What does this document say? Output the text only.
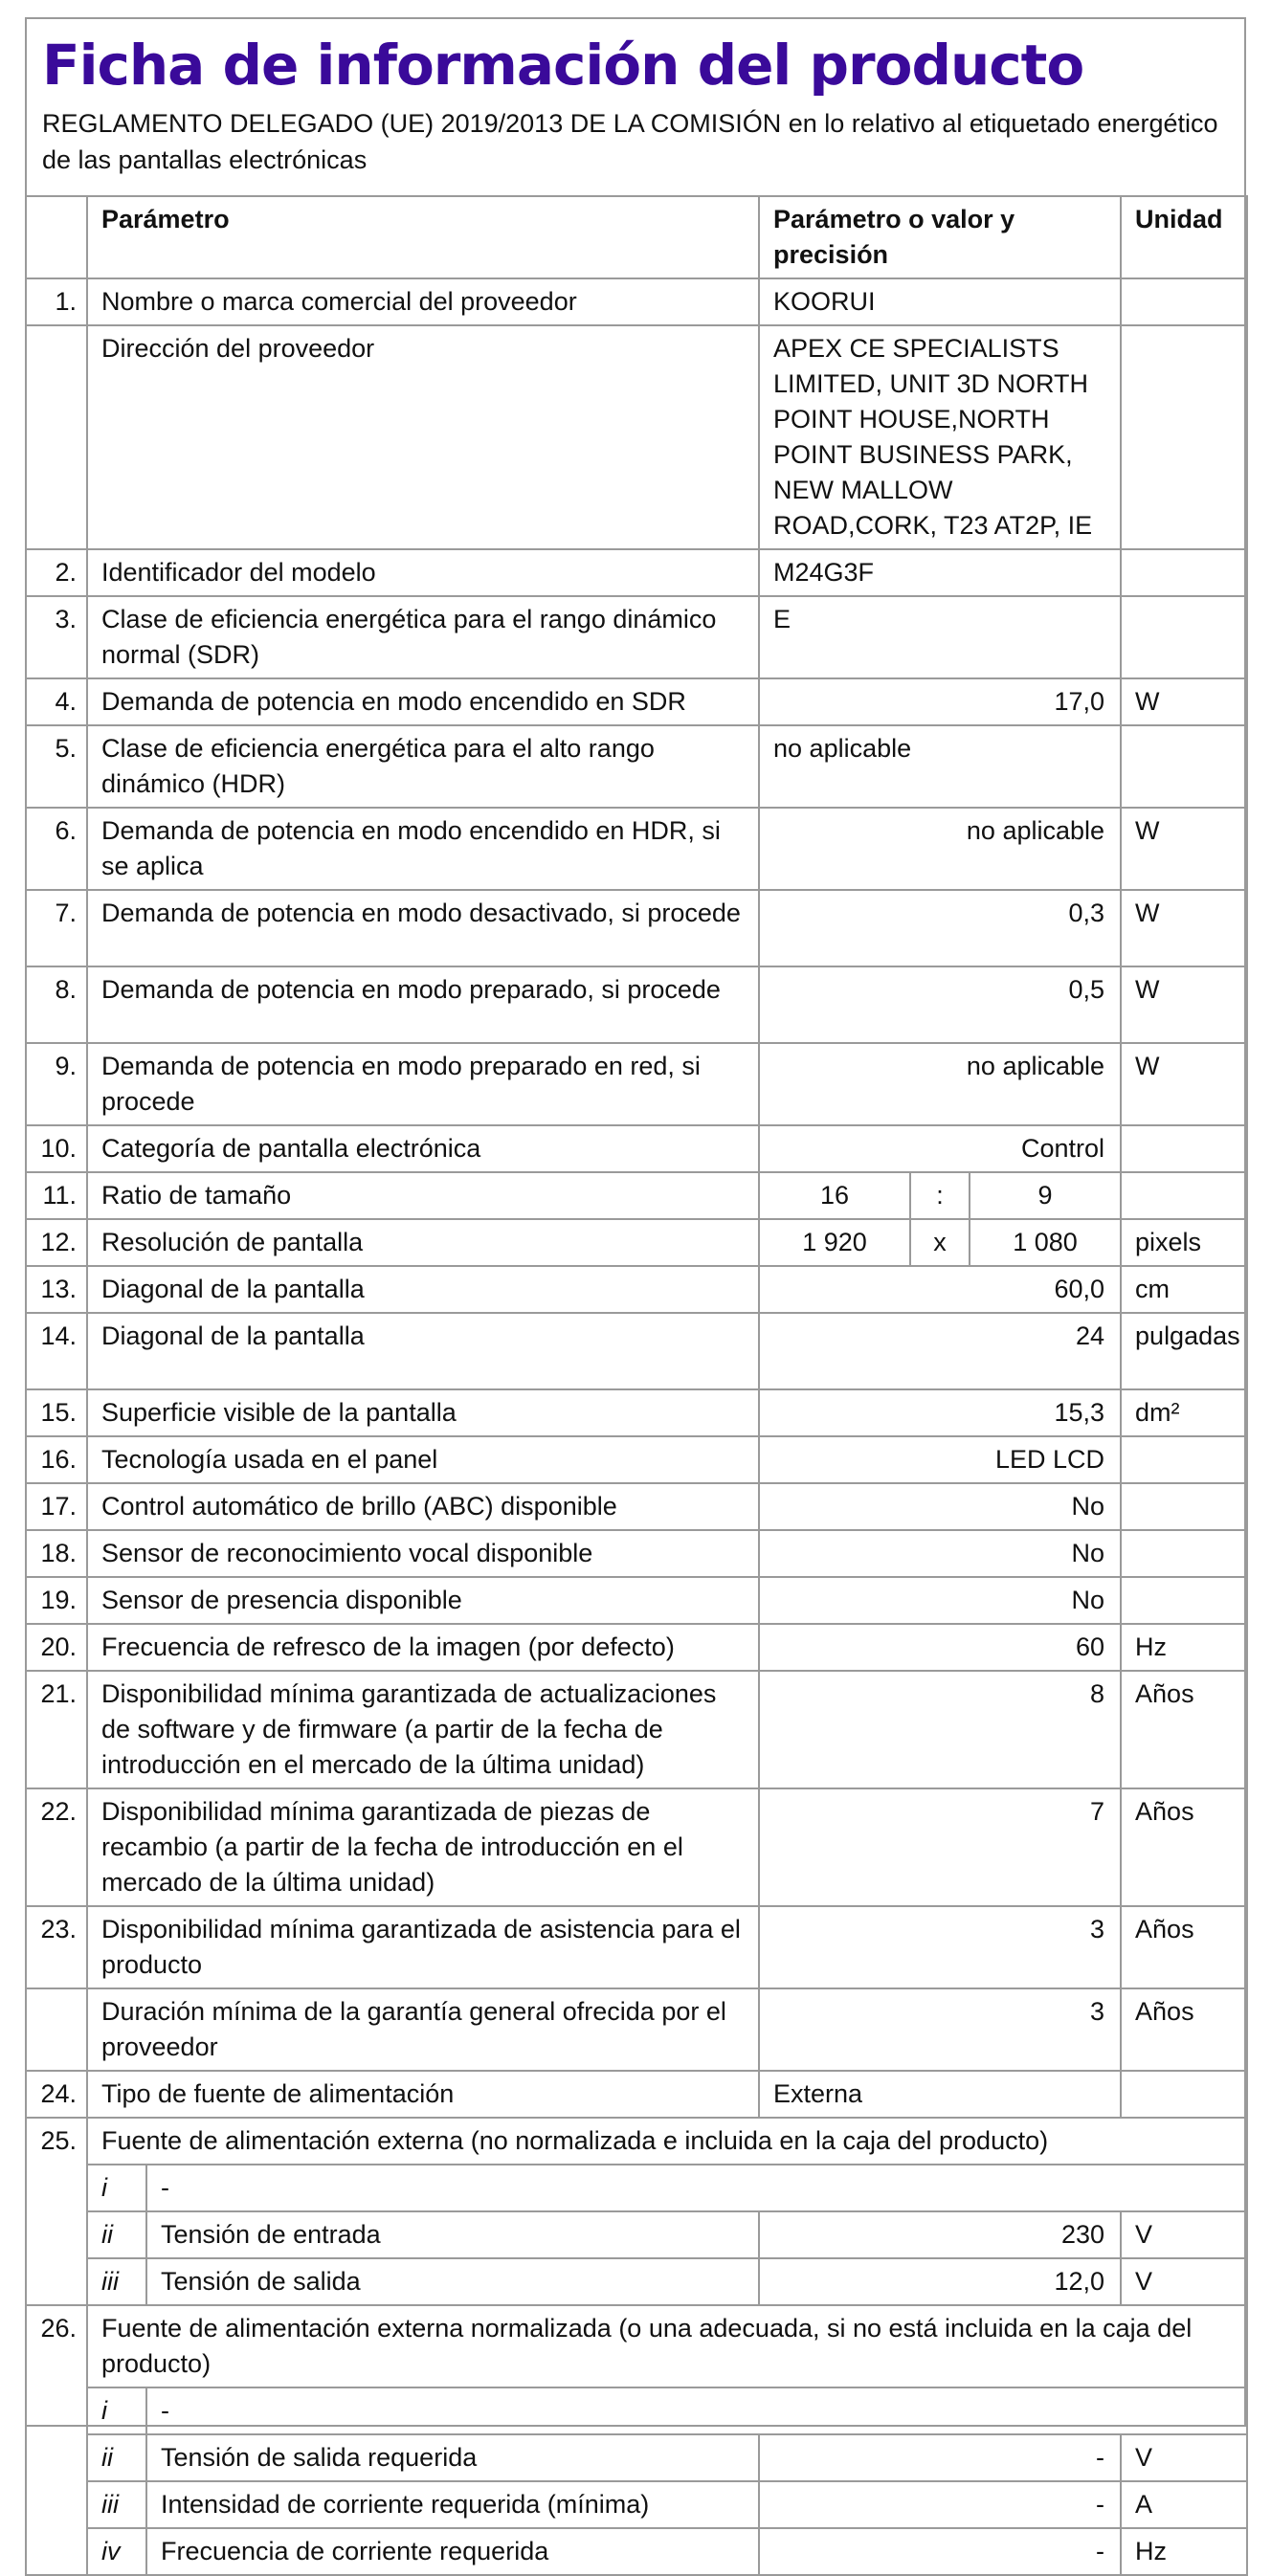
Ficha de información del producto
REGLAMENTO DELEGADO (UE) 2019/2013 DE LA COMISIÓN en lo relativo al etiquetado energético de las pantallas electrónicas
	Parámetro		Parámetro o valor y precisión			Unidad
1.	Nombre o marca comercial del proveedor		KOORUI			
	Dirección del proveedor		APEX CE SPECIALISTS LIMITED, UNIT 3D NORTH POINT HOUSE,NORTH POINT BUSINESS PARK, NEW MALLOW ROAD,CORK, T23 AT2P, IE			
2.	Identificador del modelo		M24G3F			
3.	Clase de eficiencia energética para el rango dinámico normal (SDR)		E			
4.	Demanda de potencia en modo encendido en SDR		17,0			W
5.	Clase de eficiencia energética para el alto rango dinámico (HDR)		no aplicable			
6.	Demanda de potencia en modo encendido en HDR, si se aplica		no aplicable			W
7.	Demanda de potencia en modo desactivado, si procede		0,3			W
8.	Demanda de potencia en modo preparado, si procede		0,5			W
9.	Demanda de potencia en modo preparado en red, si procede		no aplicable			W
10.	Categoría de pantalla electrónica		Control			
11.	Ratio de tamaño		16	:	9	
12.	Resolución de pantalla		1 920	x	1 080	pixels
13.	Diagonal de la pantalla		60,0			cm
14.	Diagonal de la pantalla		24			pulgadas
15.	Superficie visible de la pantalla		15,3			dm²
16.	Tecnología usada en el panel		LED LCD			
17.	Control automático de brillo (ABC) disponible		No			
18.	Sensor de reconocimiento vocal disponible		No			
19.	Sensor de presencia disponible		No			
20.	Frecuencia de refresco de la imagen (por defecto)		60			Hz
21.	Disponibilidad mínima garantizada de actualizaciones de software y de firmware (a partir de la fecha de introducción en el mercado de la última unidad)		8			Años
22.	Disponibilidad mínima garantizada de piezas de recambio (a partir de la fecha de introducción en el mercado de la última unidad)		7			Años
23.	Disponibilidad mínima garantizada de asistencia para el producto		3			Años
	Duración mínima de la garantía general ofrecida por el proveedor		3			Años
24.	Tipo de fuente de alimentación		Externa			
25.	Fuente de alimentación externa (no normalizada e incluida en la caja del producto)					
	i	-				
	ii	Tensión de entrada	230			V
	iii	Tensión de salida	12,0			V
26.	Fuente de alimentación externa normalizada (o una adecuada, si no está incluida en la caja del producto)					
	i	-				
	ii	Tensión de salida requerida	-			V
	iii	Intensidad de corriente requerida (mínima)	-			A
	iv	Frecuencia de corriente requerida	-			Hz
